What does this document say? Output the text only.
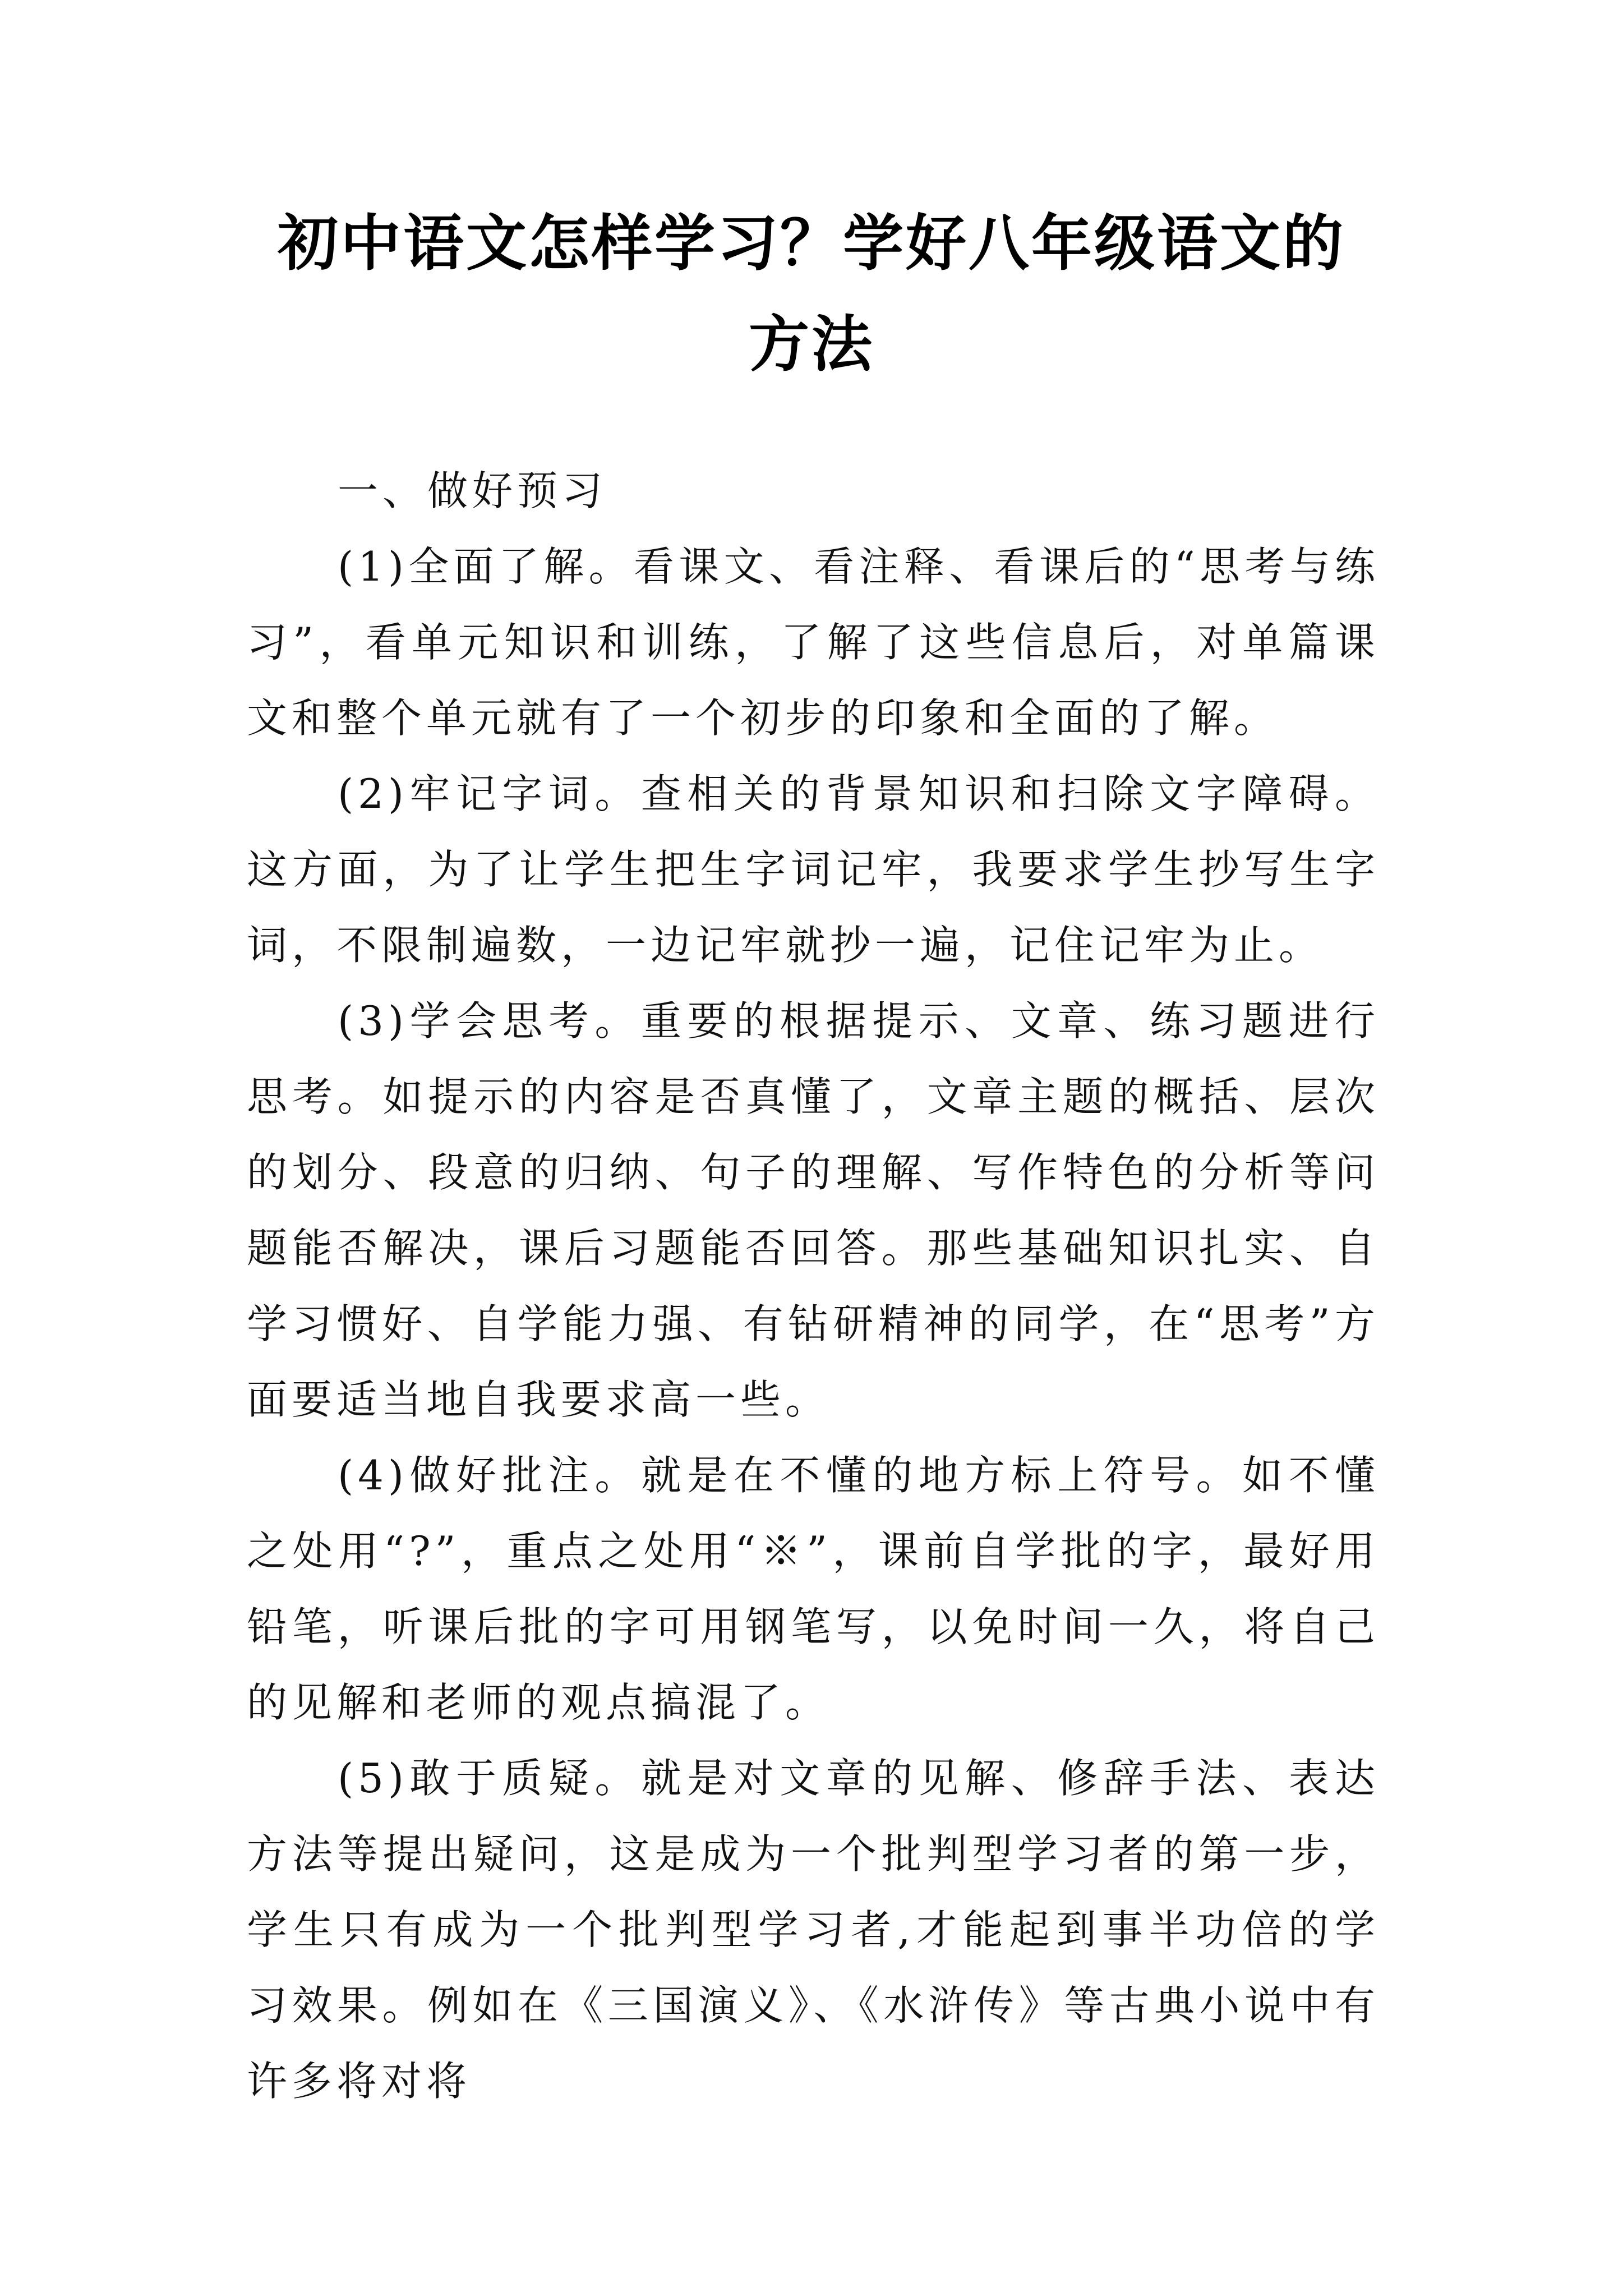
初中语文怎样学习？学好八年级语文的方法
一、做好预习

(1)全面了解。看课文、看注释、看课后的“思考与练习”，看单元知识和训练，了解了这些信息后，对单篇课文和整个单元就有了一个初步的印象和全面的了解。

(2)牢记字词。查相关的背景知识和扫除文字障碍。这方面，为了让学生把生字词记牢，我要求学生抄写生字词，不限制遍数，一边记牢就抄一遍，记住记牢为止。

(3)学会思考。重要的根据提示、文章、练习题进行思考。如提示的内容是否真懂了，文章主题的概括、层次的划分、段意的归纳、句子的理解、写作特色的分析等问题能否解决，课后习题能否回答。那些基础知识扎实、自学习惯好、自学能力强、有钻研精神的同学，在“思考”方面要适当地自我要求高一些。

(4)做好批注。就是在不懂的地方标上符号。如不懂之处用“?”，重点之处用“※”，课前自学批的字，最好用铅笔，听课后批的字可用钢笔写，以免时间一久，将自己的见解和老师的观点搞混了。

(5)敢于质疑。就是对文章的见解、修辞手法、表达方法等提出疑问，这是成为一个批判型学习者的第一步，学生只有成为一个批判型学习者,才能起到事半功倍的学习效果。例如在《三国演义》、《水浒传》等古典小说中有许多将对将
